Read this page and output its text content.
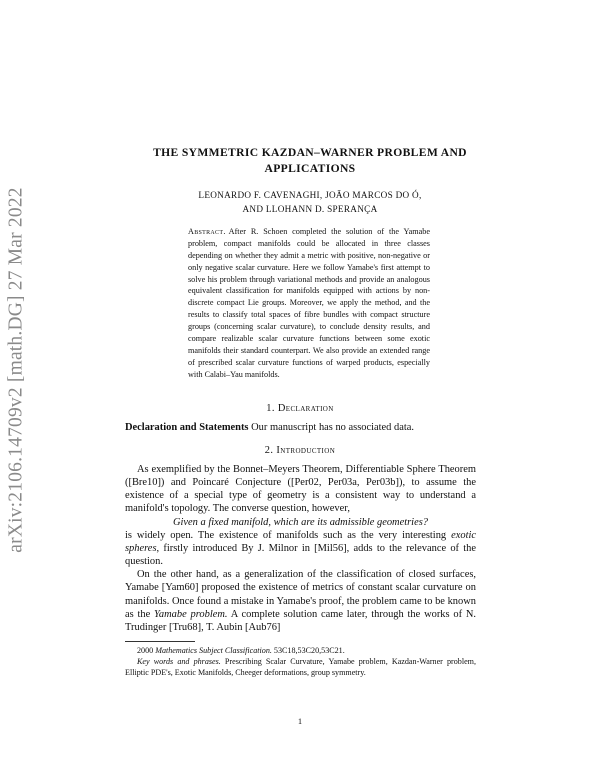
arXiv:2106.14709v2 [math.DG] 27 Mar 2022
THE SYMMETRIC KAZDAN–WARNER PROBLEM AND
APPLICATIONS
LEONARDO F. CAVENAGHI, JOÃO MARCOS DO Ó,
AND LLOHANN D. SPERANÇA
Abstract. After R. Schoen completed the solution of the Yamabe problem, compact manifolds could be allocated in three classes depending on whether they admit a metric with positive, non-negative or only negative scalar curvature. Here we follow Yamabe's first attempt to solve his problem through variational methods and provide an analogous equivalent classification for manifolds equipped with actions by non-discrete compact Lie groups. Moreover, we apply the method, and the results to classify total spaces of fibre bundles with compact structure groups (concerning scalar curvature), to conclude density results, and compare realizable scalar curvature functions between some exotic manifolds their standard counterpart. We also provide an extended range of prescribed scalar curvature functions of warped products, especially with Calabi–Yau manifolds.
1. Declaration

Declaration and Statements Our manuscript has no associated data.

2. Introduction

As exemplified by the Bonnet–Meyers Theorem, Differentiable Sphere Theorem ([Bre10]) and Poincaré Conjecture ([Per02, Per03a, Per03b]), to assume the existence of a special type of geometry is a consistent way to understand a manifold's topology. The converse question, however,

Given a fixed manifold, which are its admissible geometries?

is widely open. The existence of manifolds such as the very interesting exotic spheres, firstly introduced By J. Milnor in [Mil56], adds to the relevance of the question.

On the other hand, as a generalization of the classification of closed surfaces, Yamabe [Yam60] proposed the existence of metrics of constant scalar curvature on manifolds. Once found a mistake in Yamabe's proof, the problem came to be known as the Yamabe problem. A complete solution came later, through the works of N. Trudinger [Tru68], T. Aubin [Aub76]

2000 Mathematics Subject Classification. 53C18,53C20,53C21.

Key words and phrases. Prescribing Scalar Curvature, Yamabe problem, Kazdan-Warner problem, Elliptic PDE's, Exotic Manifolds, Cheeger deformations, group symmetry.

1
